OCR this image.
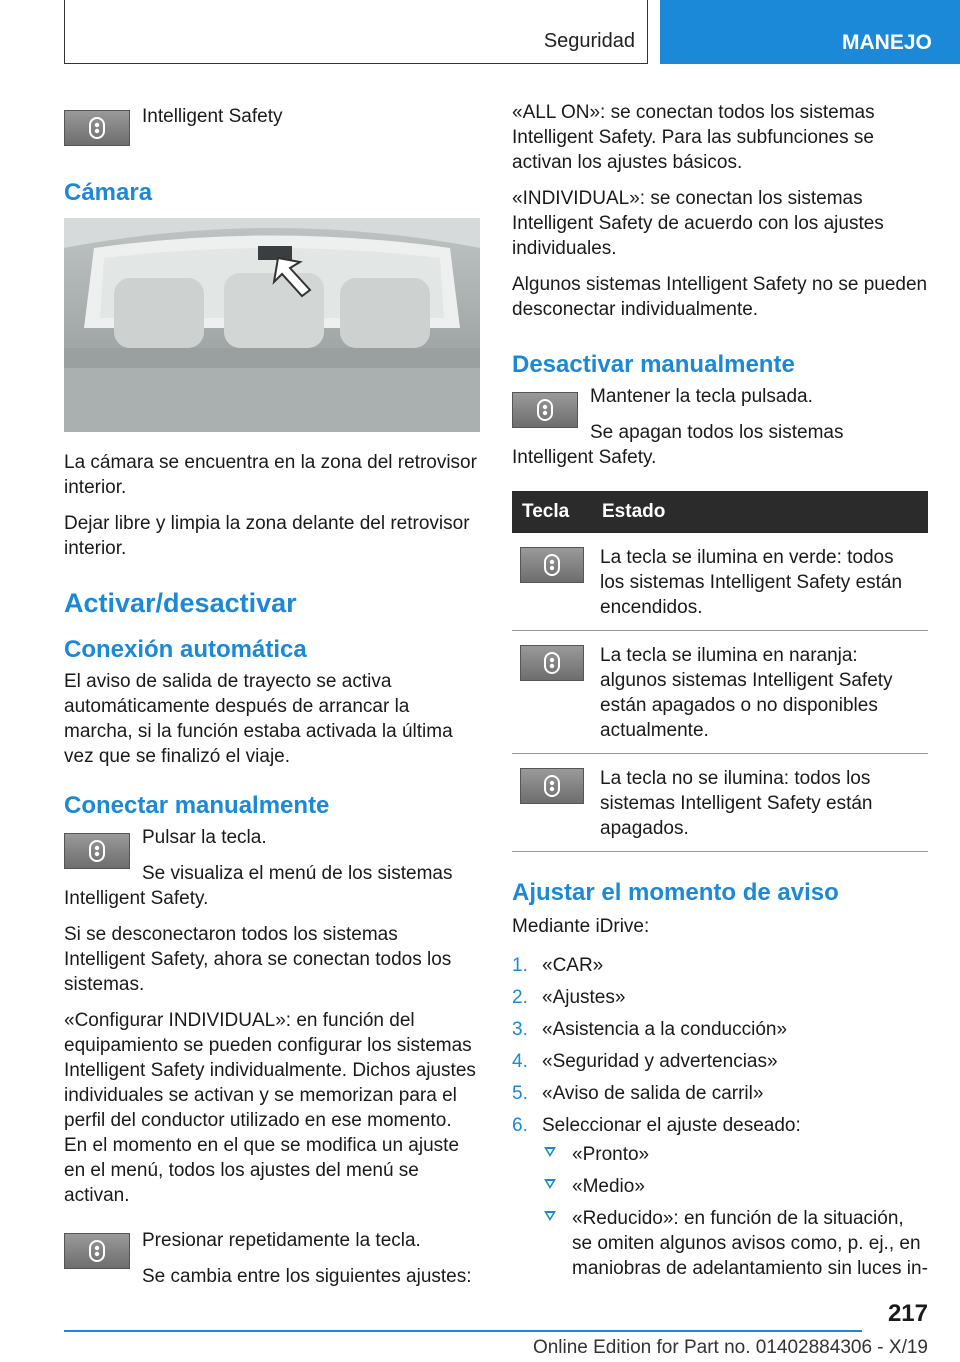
Seguridad	MANEJO

Intelligent Safety

Cámara

La cámara se encuentra en la zona del retrovisor interior.

Dejar libre y limpia la zona delante del retrovisor interior.

Activar/desactivar
Conexión automática

El aviso de salida de trayecto se activa automáticamente después de arrancar la marcha, si la función estaba activada la última vez que se finalizó el viaje.

Conectar manualmente

Pulsar la tecla.

Se visualiza el menú de los sistemas Intelligent Safety.

Si se desconectaron todos los sistemas Intelligent Safety, ahora se conectan todos los sistemas.

«Configurar INDIVIDUAL»: en función del equipamiento se pueden configurar los sistemas Intelligent Safety individualmente. Dichos ajustes individuales se activan y se memorizan para el perfil del conductor utilizado en ese momento. En el momento en el que se modifica un ajuste en el menú, todos los ajustes del menú se activan.

Presionar repetidamente la tecla.

Se cambia entre los siguientes ajustes:

«ALL ON»: se conectan todos los sistemas Intelligent Safety. Para las subfunciones se activan los ajustes básicos.

«INDIVIDUAL»: se conectan los sistemas Intelligent Safety de acuerdo con los ajustes individuales.

Algunos sistemas Intelligent Safety no se pueden desconectar individualmente.

Desactivar manualmente

Mantener la tecla pulsada.

Se apagan todos los sistemas Intelligent Safety.

Tecla	Estado

	La tecla se ilumina en verde: todos los sistemas Intelligent Safety están encendidos.

	La tecla se ilumina en naranja: algunos sistemas Intelligent Safety están apagados o no disponibles actualmente.

	La tecla no se ilumina: todos los sistemas Intelligent Safety están apagados.
Ajustar el momento de aviso

Mediante iDrive:

1. «CAR»
2. «Ajustes»
3. «Asistencia a la conducción»
4. «Seguridad y advertencias»
5. «Aviso de salida de carril»
6. Seleccionar el ajuste deseado:
«Pronto»
«Medio»
«Reducido»: en función de la situación, se omiten algunos avisos como, p. ej., en maniobras de adelantamiento sin luces in-
217
Online Edition for Part no. 01402884306 - X/19
